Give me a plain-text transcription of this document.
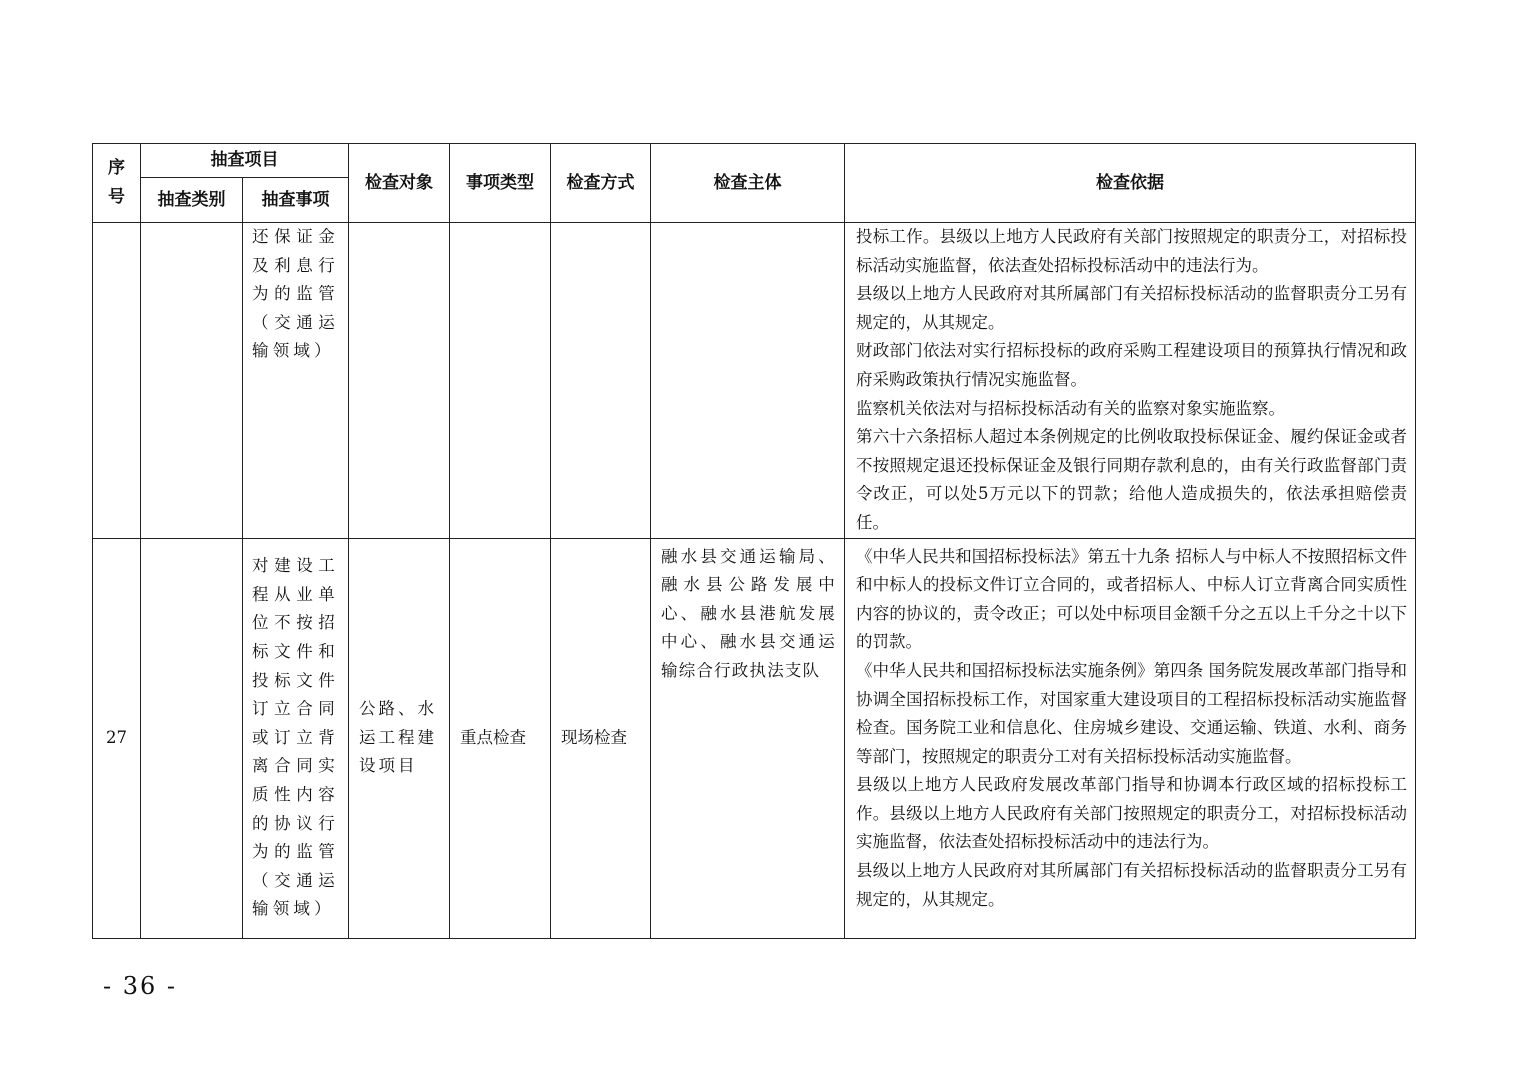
序号	抽查项目		检查对象	事项类型	检查方式	检查主体	检查依据
	抽查类别	抽查事项					
		还保证金及利息行为的监管（交通运输领域）					投标工作。县级以上地方人民政府有关部门按照规定的职责分工，对招标投标活动实施监督，依法查处招标投标活动中的违法行为。
县级以上地方人民政府对其所属部门有关招标投标活动的监督职责分工另有规定的，从其规定。
财政部门依法对实行招标投标的政府采购工程建设项目的预算执行情况和政府采购政策执行情况实施监督。
监察机关依法对与招标投标活动有关的监察对象实施监察。
第六十六条招标人超过本条例规定的比例收取投标保证金、履约保证金或者不按照规定退还投标保证金及银行同期存款利息的，由有关行政监督部门责令改正，可以处5万元以下的罚款；给他人造成损失的，依法承担赔偿责任。

27		对建设工程从业单位不按招标文件和投标文件订立合同或订立背离合同实质性内容的协议行为的监管（交通运输领域）	公路、水运工程建设项目	重点检查	现场检查	融水县交通运输局、融水县公路发展中心、融水县港航发展中心、融水县交通运输综合行政执法支队	《中华人民共和国招标投标法》第五十九条 招标人与中标人不按照招标文件和中标人的投标文件订立合同的，或者招标人、中标人订立背离合同实质性内容的协议的，责令改正；可以处中标项目金额千分之五以上千分之十以下的罚款。
《中华人民共和国招标投标法实施条例》第四条 国务院发展改革部门指导和协调全国招标投标工作，对国家重大建设项目的工程招标投标活动实施监督检查。国务院工业和信息化、住房城乡建设、交通运输、铁道、水利、商务等部门，按照规定的职责分工对有关招标投标活动实施监督。
县级以上地方人民政府发展改革部门指导和协调本行政区域的招标投标工作。县级以上地方人民政府有关部门按照规定的职责分工，对招标投标活动实施监督，依法查处招标投标活动中的违法行为。
县级以上地方人民政府对其所属部门有关招标投标活动的监督职责分工另有规定的，从其规定。
- 36 -
